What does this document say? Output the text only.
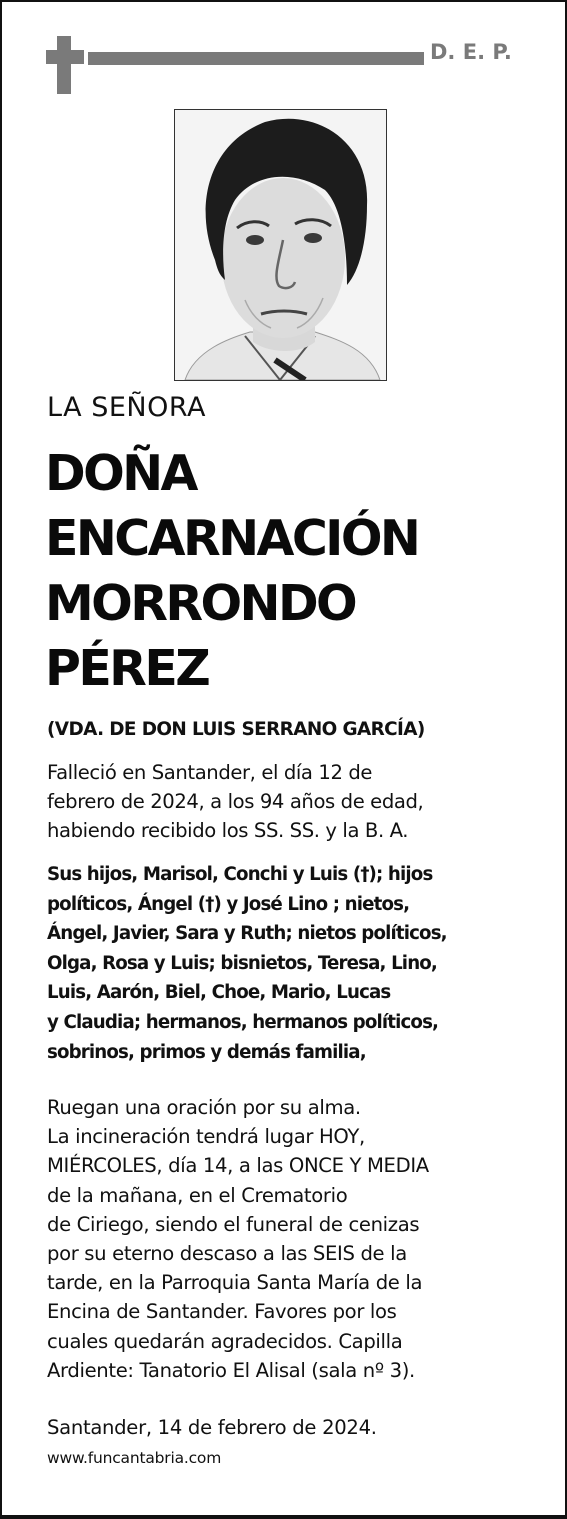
D. E. P.
LA SEÑORA
DOÑA
ENCARNACIÓN
MORRONDO
PÉREZ
(VDA. DE DON LUIS SERRANO GARCÍA)
Falleció en Santander, el día 12 de
febrero de 2024, a los 94 años de edad,
habiendo recibido los SS. SS. y la B. A.
Sus hijos, Marisol, Conchi y Luis (†); hijos
políticos, Ángel (†) y José Lino ; nietos,
Ángel, Javier, Sara y Ruth; nietos políticos,
Olga, Rosa y Luis; bisnietos, Teresa, Lino,
Luis, Aarón, Biel, Choe, Mario, Lucas
y Claudia; hermanos, hermanos políticos,
sobrinos, primos y demás familia,
Ruegan una oración por su alma.
La incineración tendrá lugar HOY,
MIÉRCOLES, día 14, a las ONCE Y MEDIA
de la mañana, en el Crematorio
de Ciriego, siendo el funeral de cenizas
por su eterno descaso a las SEIS de la
tarde, en la Parroquia Santa María de la
Encina de Santander. Favores por los
cuales quedarán agradecidos. Capilla
Ardiente: Tanatorio El Alisal (sala nº 3).
Santander, 14 de febrero de 2024.
www.funcantabria.com
